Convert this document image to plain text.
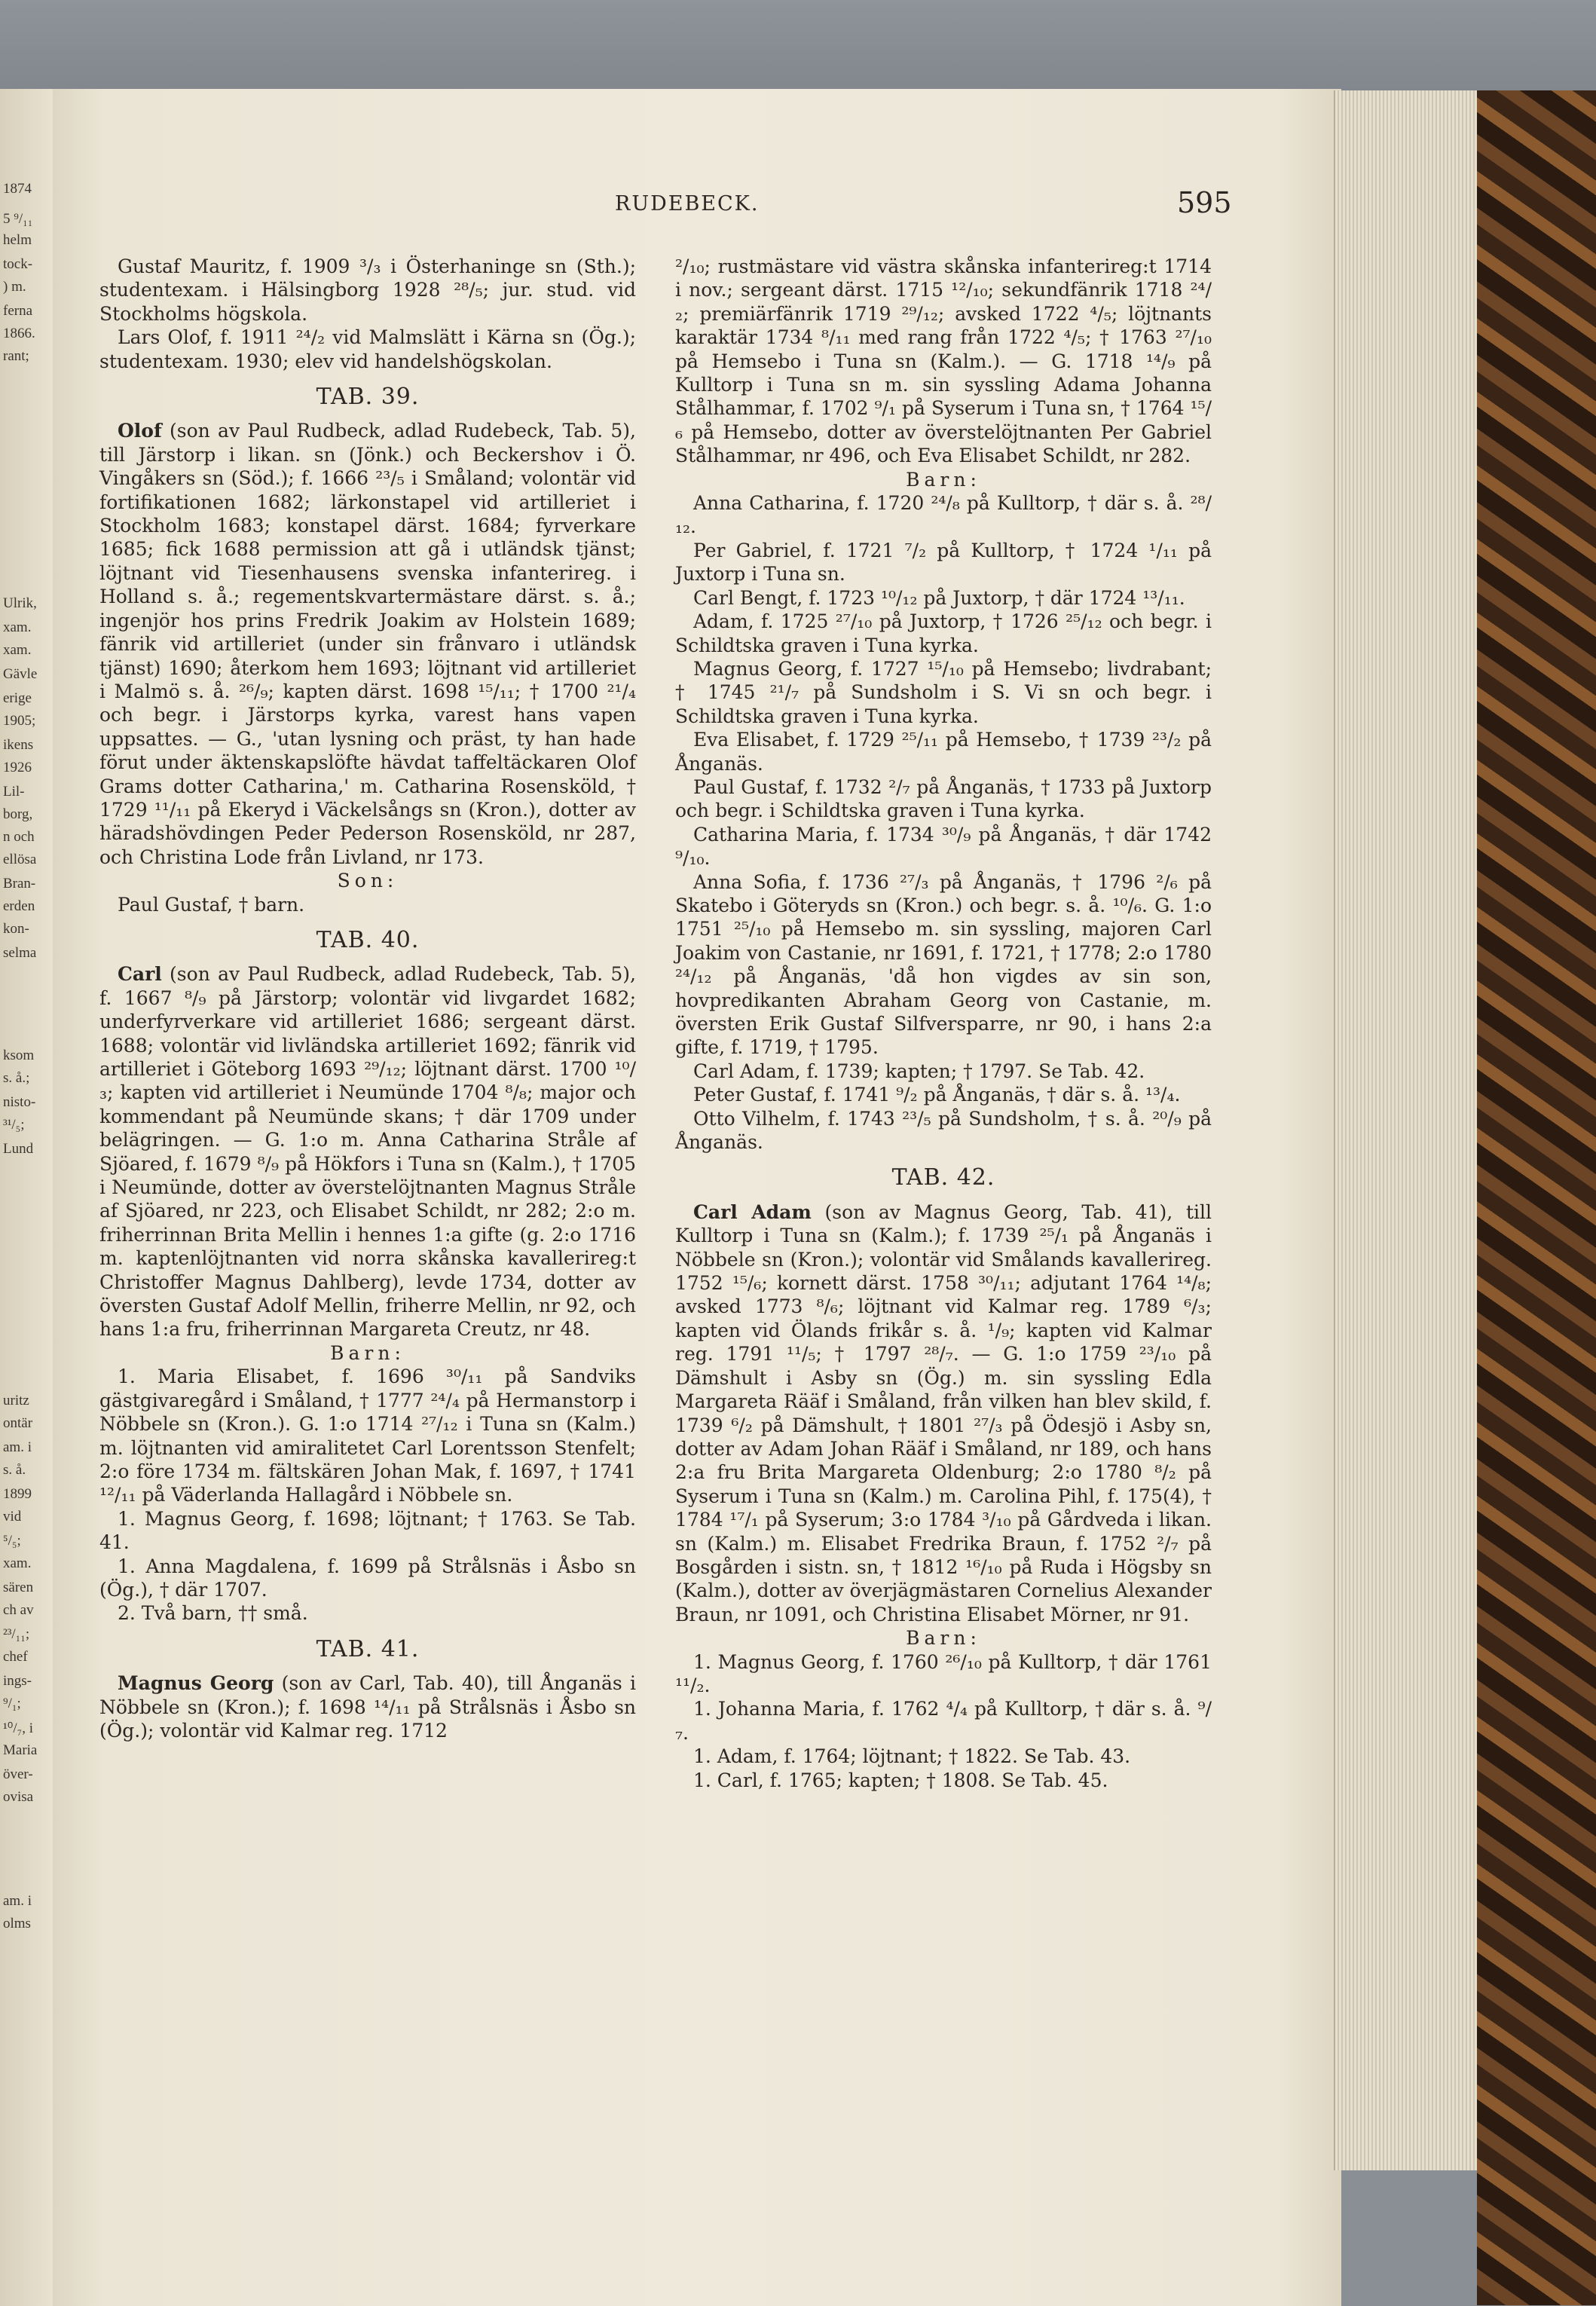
1874
5 ⁹/₁₁
helm
tock-
) m.
ferna
1866.
rant;
Ulrik,
xam.
xam.
Gävle
erige
1905;
ikens
1926
Lil-
borg,
n och
ellösa
Bran-
erden
kon-
selma
ksom
s. å.;
nisto-
³¹/₅;
Lund
uritz
ontär
am. i
s. å.
1899
vid
⁵/₅;
xam.
sären
ch av
²³/₁₁;
chef
ings-
⁹/₁;
¹⁰/₇, i
Maria
över-
ovisa
am. i
olms
RUDEBECK.	595

Gustaf Mauritz, f. 1909 ³/₃ i Österhaninge sn (Sth.); studentexam. i Hälsingborg 1928 ²⁸/₅; jur. stud. vid Stockholms högskola.

Lars Olof, f. 1911 ²⁴/₂ vid Malmslätt i Kärna sn (Ög.); studentexam. 1930; elev vid handelshögskolan.

TAB. 39.

Olof (son av Paul Rudbeck, adlad Rudebeck, Tab. 5), till Järstorp i likan. sn (Jönk.) och Beckershov i Ö. Vingåkers sn (Söd.); f. 1666 ²³/₅ i Småland; volontär vid fortifikationen 1682; lärkonstapel vid artilleriet i Stockholm 1683; konstapel därst. 1684; fyrverkare 1685; fick 1688 permission att gå i utländsk tjänst; löjtnant vid Tiesenhausens svenska infanterireg. i Holland s. å.; regementskvartermästare därst. s. å.; ingenjör hos prins Fredrik Joakim av Holstein 1689; fänrik vid artilleriet (under sin frånvaro i utländsk tjänst) 1690; återkom hem 1693; löjtnant vid artilleriet i Malmö s. å. ²⁶/₉; kapten därst. 1698 ¹⁵/₁₁; † 1700 ²¹/₄ och begr. i Järstorps kyrka, varest hans vapen uppsattes. — G., 'utan lysning och präst, ty han hade förut under äktenskapslöfte hävdat taffeltäckaren Olof Grams dotter Catharina,' m. Catharina Rosensköld, † 1729 ¹¹/₁₁ på Ekeryd i Väckelsångs sn (Kron.), dotter av häradshövdingen Peder Pederson Rosensköld, nr 287, och Christina Lode från Livland, nr 173.

Son:

Paul Gustaf, † barn.

TAB. 40.

Carl (son av Paul Rudbeck, adlad Rudebeck, Tab. 5), f. 1667 ⁸/₉ på Järstorp; volontär vid livgardet 1682; underfyrverkare vid artilleriet 1686; sergeant därst. 1688; volontär vid livländska artilleriet 1692; fänrik vid artilleriet i Göteborg 1693 ²⁹/₁₂; löjtnant därst. 1700 ¹⁰/₃; kapten vid artilleriet i Neumünde 1704 ⁸/₈; major och kommendant på Neumünde skans; † där 1709 under belägringen. — G. 1:o m. Anna Catharina Stråle af Sjöared, f. 1679 ⁸/₉ på Hökfors i Tuna sn (Kalm.), † 1705 i Neumünde, dotter av överstelöjtnanten Magnus Stråle af Sjöared, nr 223, och Elisabet Schildt, nr 282; 2:o m. friherrinnan Brita Mellin i hennes 1:a gifte (g. 2:o 1716 m. kaptenlöjtnanten vid norra skånska kavallerireg:t Christoffer Magnus Dahlberg), levde 1734, dotter av översten Gustaf Adolf Mellin, friherre Mellin, nr 92, och hans 1:a fru, friherrinnan Margareta Creutz, nr 48.

Barn:

1. Maria Elisabet, f. 1696 ³⁰/₁₁ på Sandviks gästgivaregård i Småland, † 1777 ²⁴/₄ på Hermanstorp i Nöbbele sn (Kron.). G. 1:o 1714 ²⁷/₁₂ i Tuna sn (Kalm.) m. löjtnanten vid amiralitetet Carl Lorentsson Stenfelt; 2:o före 1734 m. fältskären Johan Mak, f. 1697, † 1741 ¹²/₁₁ på Väderlanda Hallagård i Nöbbele sn.

1. Magnus Georg, f. 1698; löjtnant; † 1763. Se Tab. 41.

1. Anna Magdalena, f. 1699 på Strålsnäs i Åsbo sn (Ög.), † där 1707.

2. Två barn, †† små.

TAB. 41.

Magnus Georg (son av Carl, Tab. 40), till Ånganäs i Nöbbele sn (Kron.); f. 1698 ¹⁴/₁₁ på Strålsnäs i Åsbo sn (Ög.); volontär vid Kalmar reg. 1712

²/₁₀; rustmästare vid västra skånska infanterireg:t 1714 i nov.; sergeant därst. 1715 ¹²/₁₀; sekundfänrik 1718 ²⁴/₂; premiärfänrik 1719 ²⁹/₁₂; avsked 1722 ⁴/₅; löjtnants karaktär 1734 ⁸/₁₁ med rang från 1722 ⁴/₅; † 1763 ²⁷/₁₀ på Hemsebo i Tuna sn (Kalm.). — G. 1718 ¹⁴/₉ på Kulltorp i Tuna sn m. sin syssling Adama Johanna Stålhammar, f. 1702 ⁹/₁ på Syserum i Tuna sn, † 1764 ¹⁵/₆ på Hemsebo, dotter av överstelöjtnanten Per Gabriel Stålhammar, nr 496, och Eva Elisabet Schildt, nr 282.

Barn:

Anna Catharina, f. 1720 ²⁴/₈ på Kulltorp, † där s. å. ²⁸/₁₂.

Per Gabriel, f. 1721 ⁷/₂ på Kulltorp, † 1724 ¹/₁₁ på Juxtorp i Tuna sn.

Carl Bengt, f. 1723 ¹⁰/₁₂ på Juxtorp, † där 1724 ¹³/₁₁.

Adam, f. 1725 ²⁷/₁₀ på Juxtorp, † 1726 ²⁵/₁₂ och begr. i Schildtska graven i Tuna kyrka.

Magnus Georg, f. 1727 ¹⁵/₁₀ på Hemsebo; livdrabant; † 1745 ²¹/₇ på Sundsholm i S. Vi sn och begr. i Schildtska graven i Tuna kyrka.

Eva Elisabet, f. 1729 ²⁵/₁₁ på Hemsebo, † 1739 ²³/₂ på Ånganäs.

Paul Gustaf, f. 1732 ²/₇ på Ånganäs, † 1733 på Juxtorp och begr. i Schildtska graven i Tuna kyrka.

Catharina Maria, f. 1734 ³⁰/₉ på Ånganäs, † där 1742 ⁹/₁₀.

Anna Sofia, f. 1736 ²⁷/₃ på Ånganäs, † 1796 ²/₆ på Skatebo i Göteryds sn (Kron.) och begr. s. å. ¹⁰/₆. G. 1:o 1751 ²⁵/₁₀ på Hemsebo m. sin syssling, majoren Carl Joakim von Castanie, nr 1691, f. 1721, † 1778; 2:o 1780 ²⁴/₁₂ på Ånganäs, 'då hon vigdes av sin son, hovpredikanten Abraham Georg von Castanie, m. översten Erik Gustaf Silfversparre, nr 90, i hans 2:a gifte, f. 1719, † 1795.

Carl Adam, f. 1739; kapten; † 1797. Se Tab. 42.

Peter Gustaf, f. 1741 ⁹/₂ på Ånganäs, † där s. å. ¹³/₄.

Otto Vilhelm, f. 1743 ²³/₅ på Sundsholm, † s. å. ²⁰/₉ på Ånganäs.

TAB. 42.

Carl Adam (son av Magnus Georg, Tab. 41), till Kulltorp i Tuna sn (Kalm.); f. 1739 ²⁵/₁ på Ånganäs i Nöbbele sn (Kron.); volontär vid Smålands kavallerireg. 1752 ¹⁵/₆; kornett därst. 1758 ³⁰/₁₁; adjutant 1764 ¹⁴/₈; avsked 1773 ⁸/₆; löjtnant vid Kalmar reg. 1789 ⁶/₃; kapten vid Ölands frikår s. å. ¹/₉; kapten vid Kalmar reg. 1791 ¹¹/₅; † 1797 ²⁸/₇. — G. 1:o 1759 ²³/₁₀ på Dämshult i Asby sn (Ög.) m. sin syssling Edla Margareta Rääf i Småland, från vilken han blev skild, f. 1739 ⁶/₂ på Dämshult, † 1801 ²⁷/₃ på Ödesjö i Asby sn, dotter av Adam Johan Rääf i Småland, nr 189, och hans 2:a fru Brita Margareta Oldenburg; 2:o 1780 ⁸/₂ på Syserum i Tuna sn (Kalm.) m. Carolina Pihl, f. 175(4), † 1784 ¹⁷/₁ på Syserum; 3:o 1784 ³/₁₀ på Gårdveda i likan. sn (Kalm.) m. Elisabet Fredrika Braun, f. 1752 ²/₇ på Bosgården i sistn. sn, † 1812 ¹⁶/₁₀ på Ruda i Högsby sn (Kalm.), dotter av överjägmästaren Cornelius Alexander Braun, nr 1091, och Christina Elisabet Mörner, nr 91.

Barn:

1. Magnus Georg, f. 1760 ²⁶/₁₀ på Kulltorp, † där 1761 ¹¹/₂.

1. Johanna Maria, f. 1762 ⁴/₄ på Kulltorp, † där s. å. ⁹/₇.

1. Adam, f. 1764; löjtnant; † 1822. Se Tab. 43.

1. Carl, f. 1765; kapten; † 1808. Se Tab. 45.
